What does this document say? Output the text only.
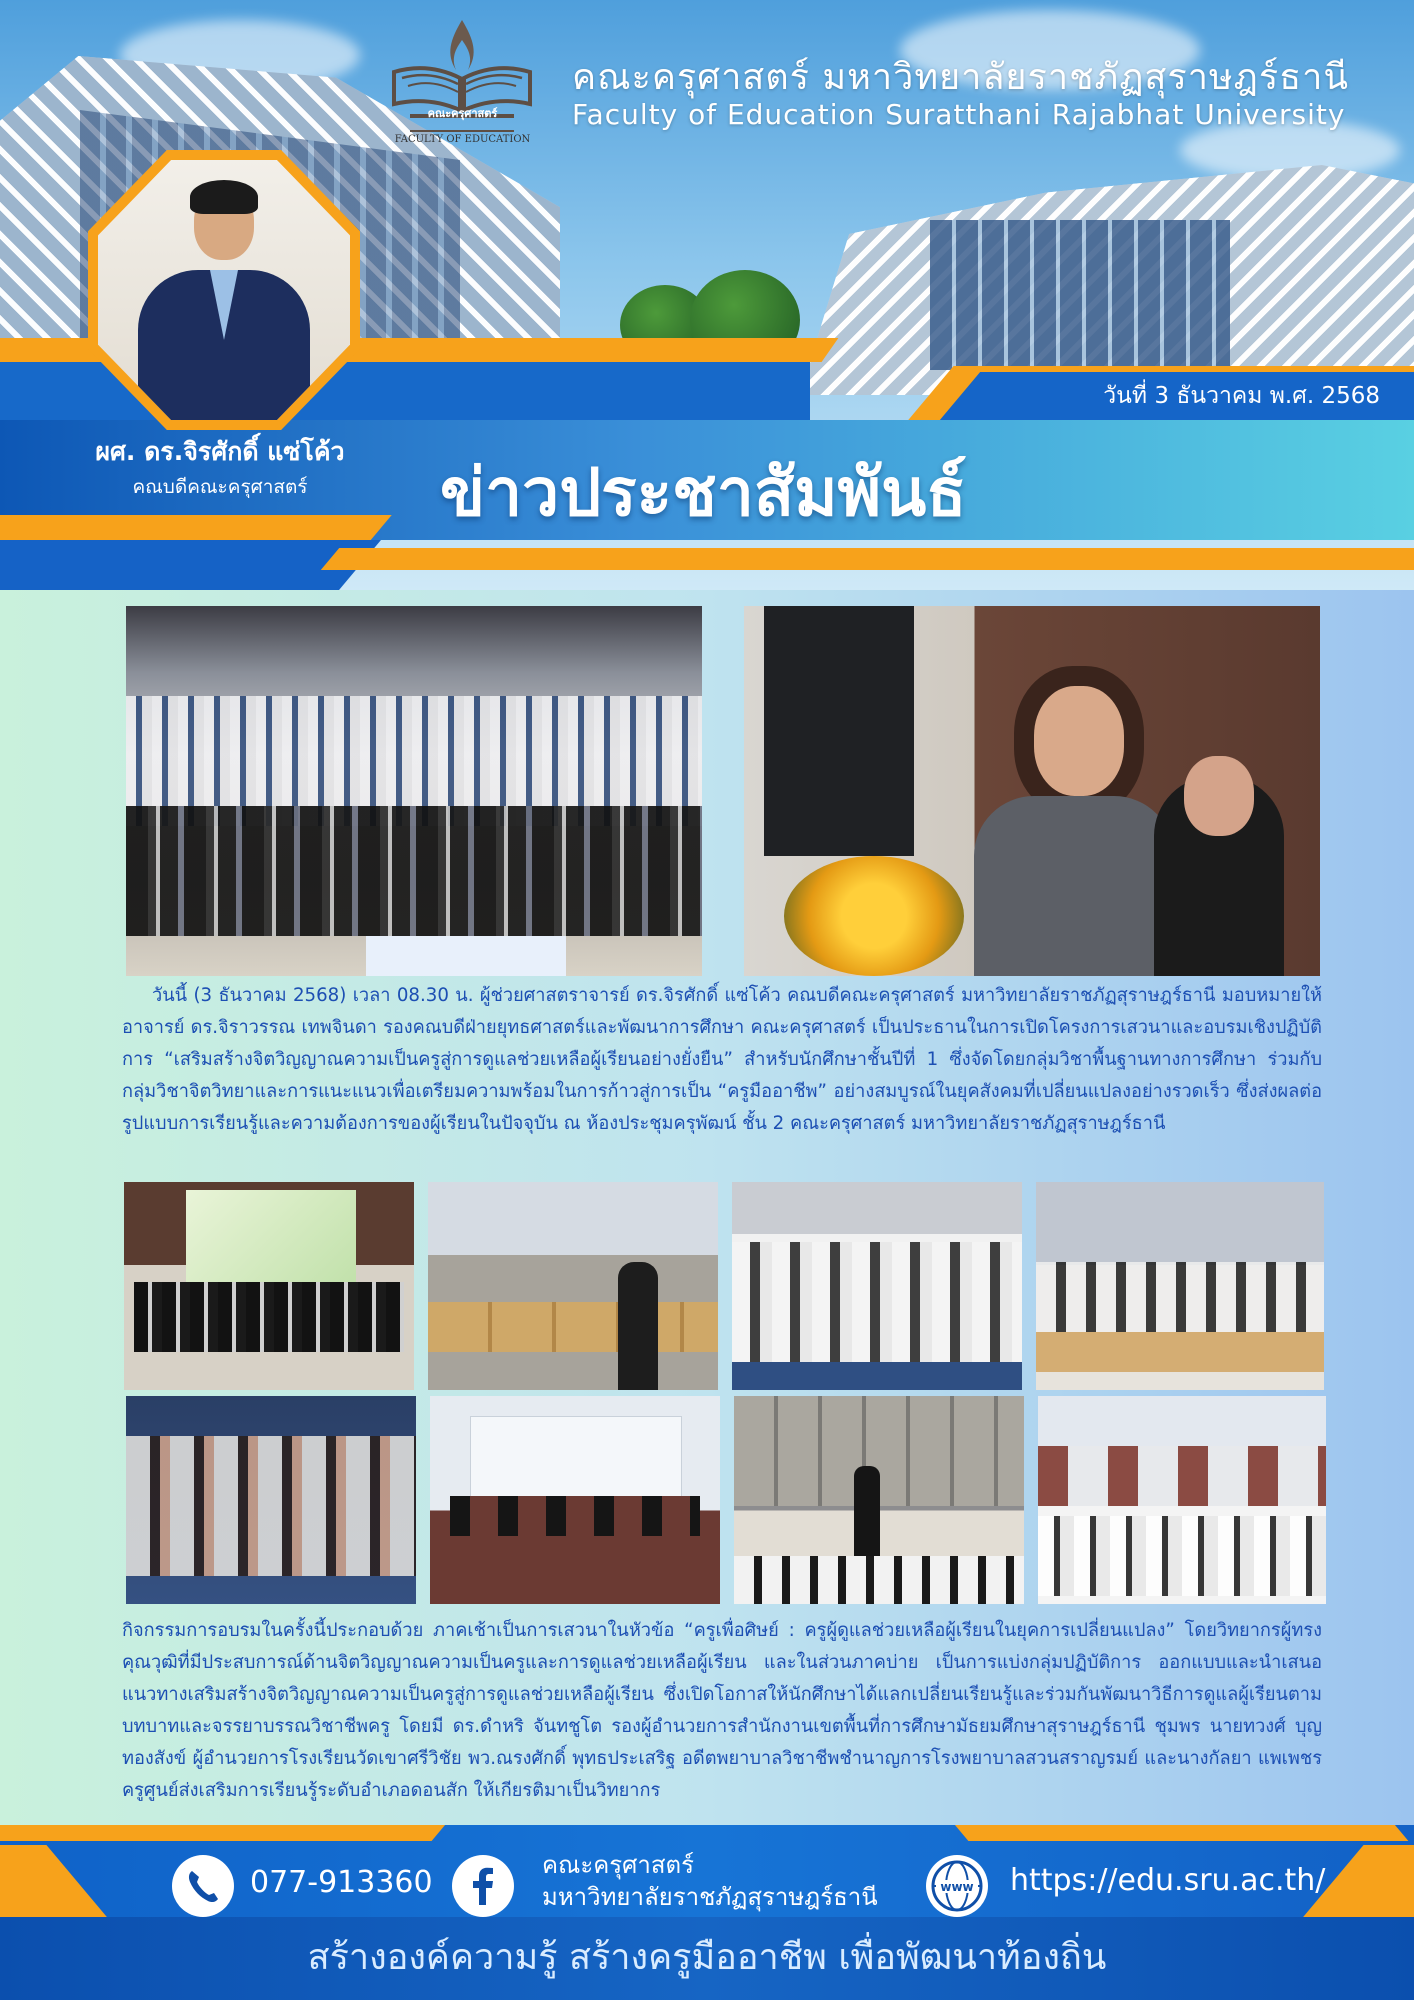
คณะครุศาสตร์
FACULTY OF EDUCATION
คณะครุศาสตร์ มหาวิทยาลัยราชภัฏสุราษฎร์ธานี
Faculty of Education Suratthani Rajabhat University
ผศ. ดร.จิรศักดิ์ แซ่โค้ว
คณบดีคณะครุศาสตร์
วันที่ 3 ธันวาคม พ.ศ. 2568
ข่าวประชาสัมพันธ์
วันนี้ (3 ธันวาคม 2568) เวลา 08.30 น. ผู้ช่วยศาสตราจารย์ ดร.จิรศักดิ์ แซ่โค้ว คณบดีคณะครุศาสตร์ มหาวิทยาลัยราชภัฏสุราษฎร์ธานี มอบหมายให้ อาจารย์ ดร.จิราวรรณ เทพจินดา รองคณบดีฝ่ายยุทธศาสตร์และพัฒนาการศึกษา คณะครุศาสตร์ เป็นประธานในการเปิดโครงการเสวนาและอบรมเชิงปฏิบัติการ “เสริมสร้างจิตวิญญาณความเป็นครูสู่การดูแลช่วยเหลือผู้เรียนอย่างยั่งยืน” สำหรับนักศึกษาชั้นปีที่ 1 ซึ่งจัดโดยกลุ่มวิชาพื้นฐานทางการศึกษา ร่วมกับกลุ่มวิชาจิตวิทยาและการแนะแนวเพื่อเตรียมความพร้อมในการก้าวสู่การเป็น “ครูมืออาชีพ” อย่างสมบูรณ์ในยุคสังคมที่เปลี่ยนแปลงอย่างรวดเร็ว ซึ่งส่งผลต่อรูปแบบการเรียนรู้และความต้องการของผู้เรียนในปัจจุบัน ณ ห้องประชุมครุพัฒน์ ชั้น 2 คณะครุศาสตร์ มหาวิทยาลัยราชภัฏสุราษฎร์ธานี
กิจกรรมการอบรมในครั้งนี้ประกอบด้วย ภาคเช้าเป็นการเสวนาในหัวข้อ “ครูเพื่อศิษย์ : ครูผู้ดูแลช่วยเหลือผู้เรียนในยุคการเปลี่ยนแปลง” โดยวิทยากรผู้ทรงคุณวุฒิที่มีประสบการณ์ด้านจิตวิญญาณความเป็นครูและการดูแลช่วยเหลือผู้เรียน และในส่วนภาคบ่าย เป็นการแบ่งกลุ่มปฏิบัติการ ออกแบบและนำเสนอแนวทางเสริมสร้างจิตวิญญาณความเป็นครูสู่การดูแลช่วยเหลือผู้เรียน ซึ่งเปิดโอกาสให้นักศึกษาได้แลกเปลี่ยนเรียนรู้และร่วมกันพัฒนาวิธีการดูแลผู้เรียนตามบทบาทและจรรยาบรรณวิชาชีพครู โดยมี ดร.ดำหริ จันทชูโต รองผู้อำนวยการสำนักงานเขตพื้นที่การศึกษามัธยมศึกษาสุราษฎร์ธานี ชุมพร นายทวงศ์ บุญทองสังข์ ผู้อำนวยการโรงเรียนวัดเขาศรีวิชัย พว.ณรงศักดิ์ พุทธประเสริฐ อดีตพยาบาลวิชาชีพชำนาญการโรงพยาบาลสวนสราญรมย์ และนางกัลยา แพเพชร ครูศูนย์ส่งเสริมการเรียนรู้ระดับอำเภอดอนสัก ให้เกียรติมาเป็นวิทยากร
077-913360	คณะครุศาสตร์
มหาวิทยาลัยราชภัฏสุราษฎร์ธานี	www https://edu.sru.ac.th/
สร้างองค์ความรู้ สร้างครูมืออาชีพ เพื่อพัฒนาท้องถิ่น
